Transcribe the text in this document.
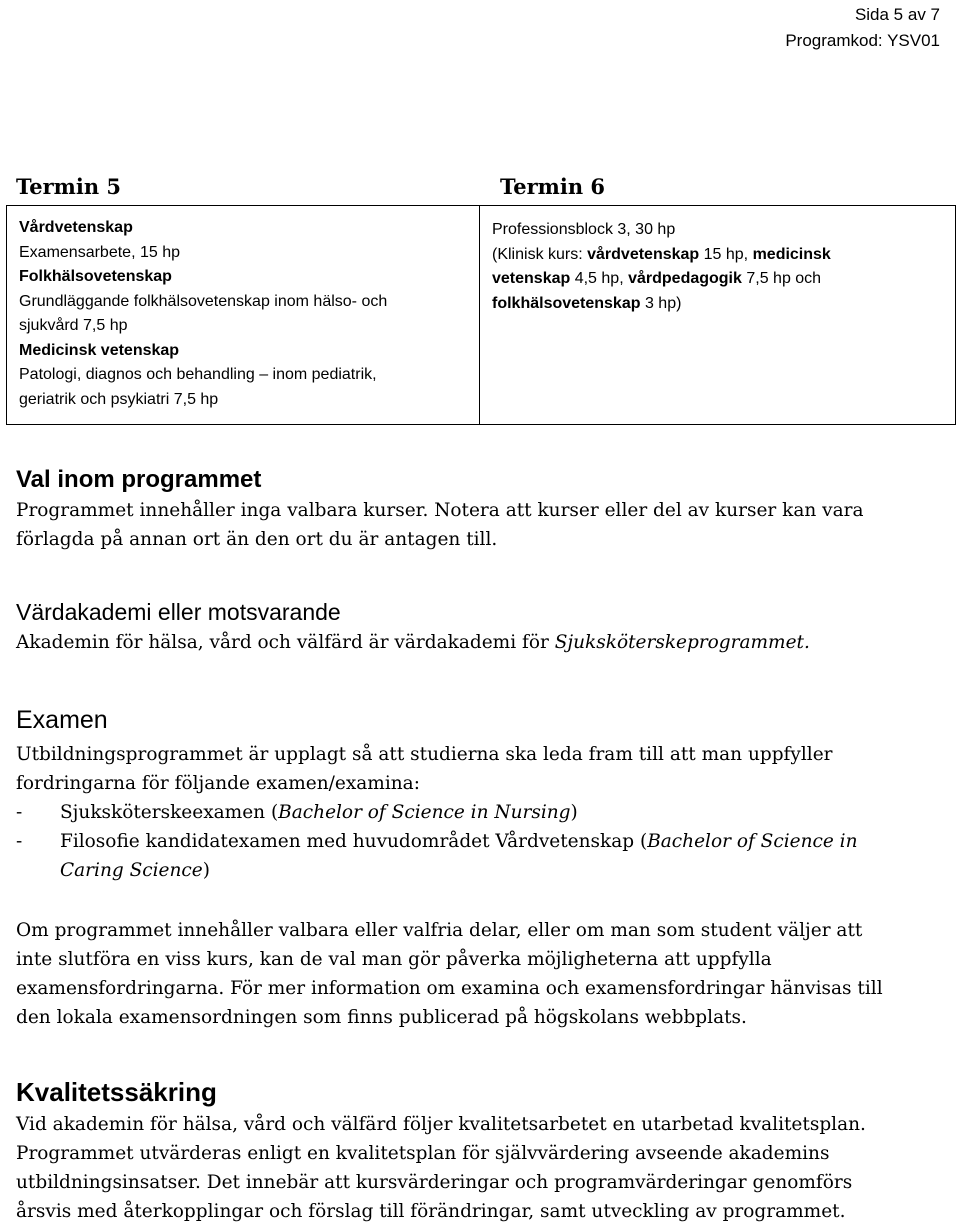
Sida 5 av 7
Programkod: YSV01
Termin 5	Termin 6
Vårdvetenskap
Examensarbete, 15 hp
Folkhälsovetenskap
Grundläggande folkhälsovetenskap inom hälso- och
sjukvård 7,5 hp
Medicinsk vetenskap
Patologi, diagnos och behandling – inom pediatrik,
geriatrik och psykiatri 7,5 hp

Professionsblock 3, 30 hp
(Klinisk kurs: vårdvetenskap 15 hp, medicinsk
vetenskap 4,5 hp, vårdpedagogik 7,5 hp och
folkhälsovetenskap 3 hp)
Val inom programmet
Programmet innehåller inga valbara kurser. Notera att kurser eller del av kurser kan vara
förlagda på annan ort än den ort du är antagen till.
Värdakademi eller motsvarande
Akademin för hälsa, vård och välfärd är värdakademi för Sjuksköterskeprogrammet.
Examen
Utbildningsprogrammet är upplagt så att studierna ska leda fram till att man uppfyller
fordringarna för följande examen/examina:
- Sjuksköterskeexamen (Bachelor of Science in Nursing)
- Filosofie kandidatexamen med huvudområdet Vårdvetenskap (Bachelor of Science in
Caring Science)
Om programmet innehåller valbara eller valfria delar, eller om man som student väljer att
inte slutföra en viss kurs, kan de val man gör påverka möjligheterna att uppfylla
examensfordringarna. För mer information om examina och examensfordringar hänvisas till
den lokala examensordningen som finns publicerad på högskolans webbplats.
Kvalitetssäkring
Vid akademin för hälsa, vård och välfärd följer kvalitetsarbetet en utarbetad kvalitetsplan.
Programmet utvärderas enligt en kvalitetsplan för självvärdering avseende akademins
utbildningsinsatser. Det innebär att kursvärderingar och programvärderingar genomförs
årsvis med återkopplingar och förslag till förändringar, samt utveckling av programmet.
